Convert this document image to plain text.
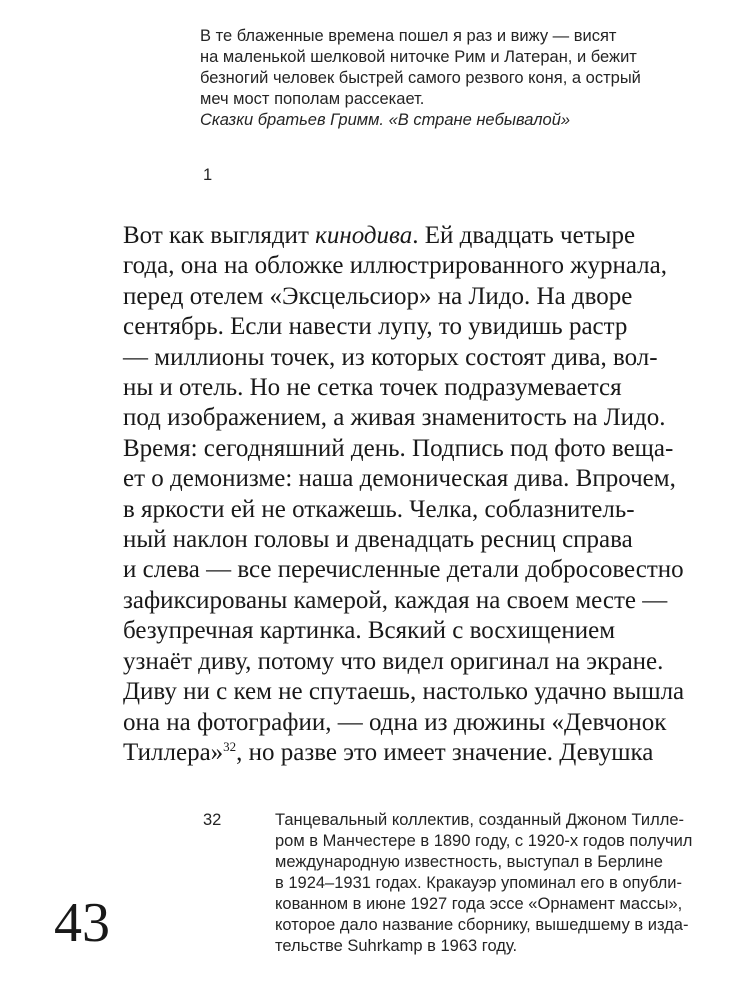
В те блаженные времена пошел я раз и вижу — висят
на маленькой шелковой ниточке Рим и Латеран, и бежит
безногий человек быстрей самого резвого коня, а острый
меч мост пополам рассекает.
Сказки братьев Гримм. «В стране небывалой»
1
Вот как выглядит кинодива. Ей двадцать четыре
года, она на обложке иллюстрированного журнала,
перед отелем «Эксцельсиор» на Лидо. На дворе
сентябрь. Если навести лупу, то увидишь растр
— миллионы точек, из которых состоят дива, вол-
ны и отель. Но не сетка точек подразумевается
под изображением, а живая знаменитость на Лидо.
Время: сегодняшний день. Подпись под фото веща-
ет о демонизме: наша демоническая дива. Впрочем,
в яркости ей не откажешь. Челка, соблазнитель-
ный наклон головы и двенадцать ресниц справа
и слева — все перечисленные детали добросовестно
зафиксированы камерой, каждая на своем месте —
безупречная картинка. Всякий с восхищением
узнаёт диву, потому что видел оригинал на экране.
Диву ни с кем не спутаешь, настолько удачно вышла
она на фотографии, — одна из дюжины «Девчонок
Тиллера»$^{32}$, но разве это имеет значение. Девушка
32	Танцевальный коллектив, созданный Джоном Тилле-
ром в Манчестере в 1890 году, с 1920-х годов получил
международную известность, выступал в Берлине
в 1924–1931 годах. Кракауэр упоминал его в опубли-
кованном в июне 1927 года эссе «Орнамент массы»,
которое дало название сборнику, вышедшему в изда-
тельстве Suhrkamp в 1963 году.
43
